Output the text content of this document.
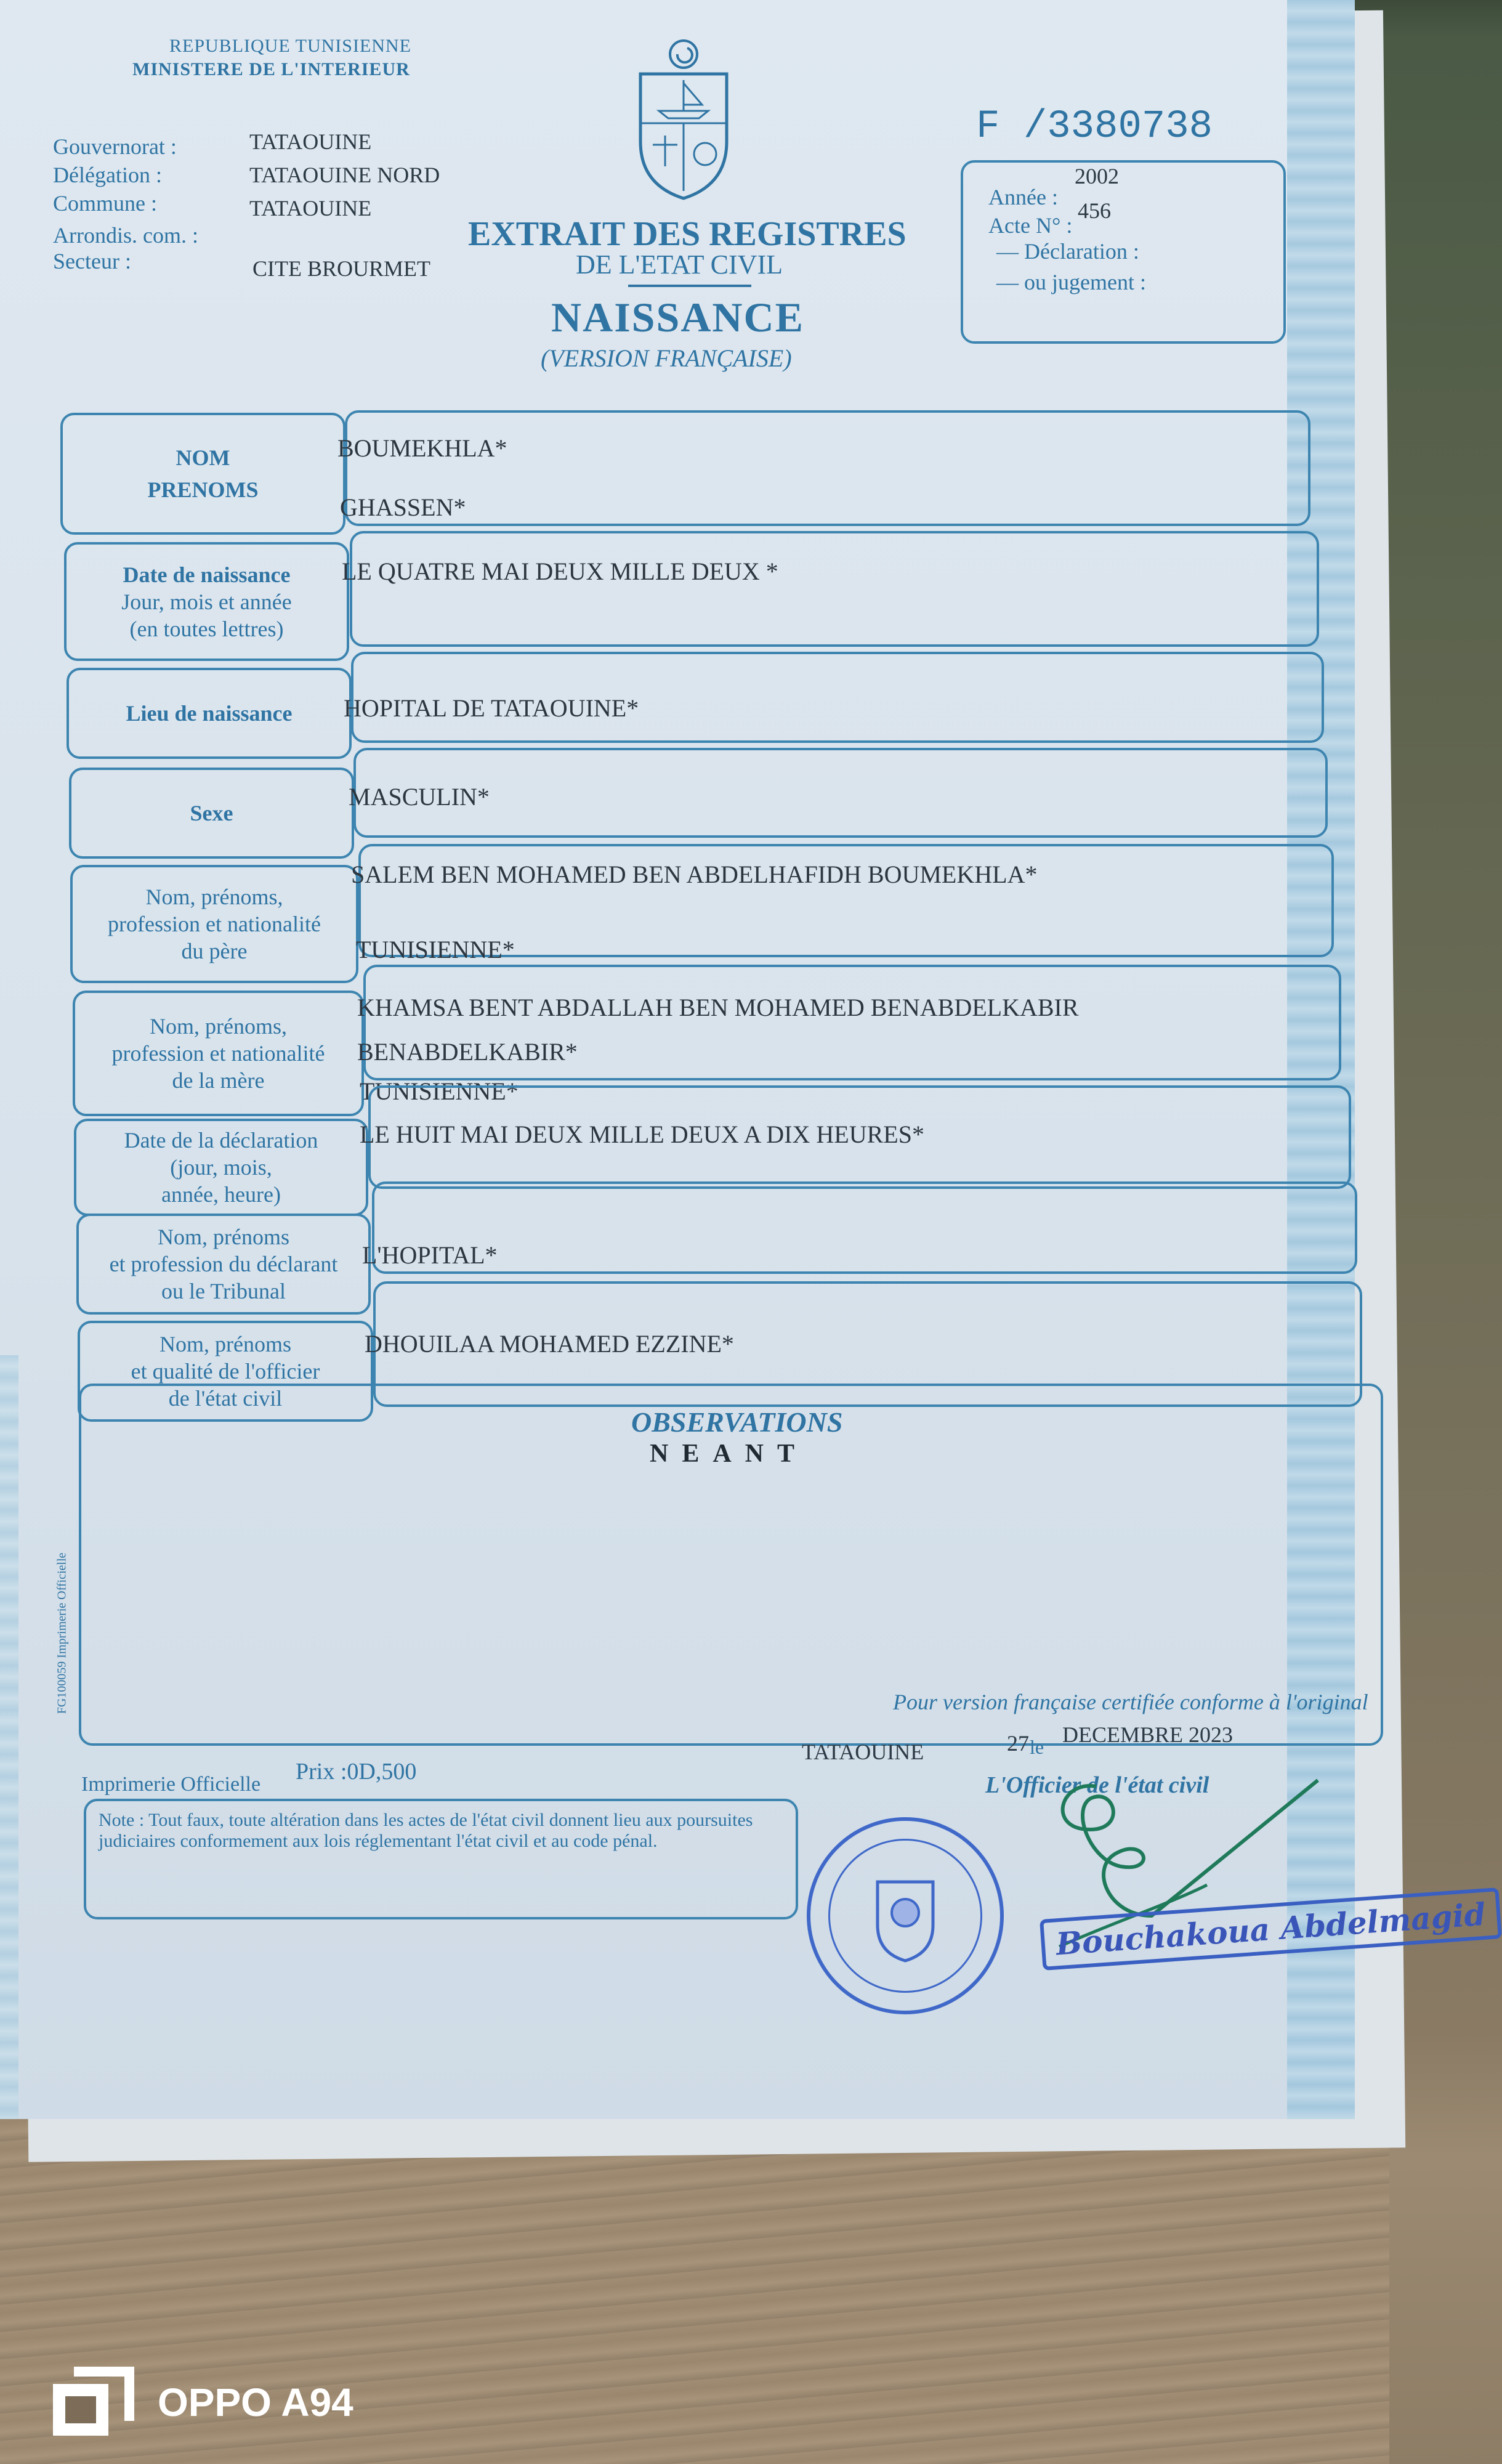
REPUBLIQUE TUNISIENNE
MINISTERE DE L'INTERIEUR
Gouvernorat :	TATAOUINE
Délégation :	TATAOUINE NORD
Commune :	TATAOUINE
Arrondis. com. :
Secteur :	CITE BROURMET
EXTRAIT DES REGISTRES
DE L'ETAT CIVIL
NAISSANCE
(VERSION FRANÇAISE)
F /3380738
Année :
2002
Acte N° :
456
— Déclaration :
— ou jugement :
NOM
PRENOMS
BOUMEKHLA*
GHASSEN*
Date de naissance
Jour, mois et année
(en toutes lettres)
LE QUATRE MAI DEUX MILLE DEUX *
Lieu de naissance HOPITAL DE TATAOUINE*
Sexe
MASCULIN*
Nom, prénoms,
profession et nationalité
du père
SALEM BEN MOHAMED BEN ABDELHAFIDH BOUMEKHLA*
TUNISIENNE*
Nom, prénoms,
profession et nationalité
de la mère
KHAMSA BENT ABDALLAH BEN MOHAMED BENABDELKABIR
BENABDELKABIR*
TUNISIENNE*
Date de la déclaration
(jour, mois,
année, heure)
LE HUIT MAI DEUX MILLE DEUX A DIX HEURES*
Nom, prénoms
et profession du déclarant
ou le Tribunal
L'HOPITAL*
Nom, prénoms
et qualité de l'officier
de l'état civil
DHOUILAA MOHAMED EZZINE*
OBSERVATIONS
NEANT
FG100059 Imprimerie Officielle	Pour version française certifiée conforme à l'original
TATAOUINE	27 le DECEMBRE 2023
Imprimerie Officielle Prix :0D,500
L'Officier de l'état civil
Note : Tout faux, toute altération dans les actes de l'état civil donnent lieu aux poursuites judiciaires conformement aux lois réglementant l'état civil et au code pénal.
Bouchakoua Abdelmagid
OPPO A94
